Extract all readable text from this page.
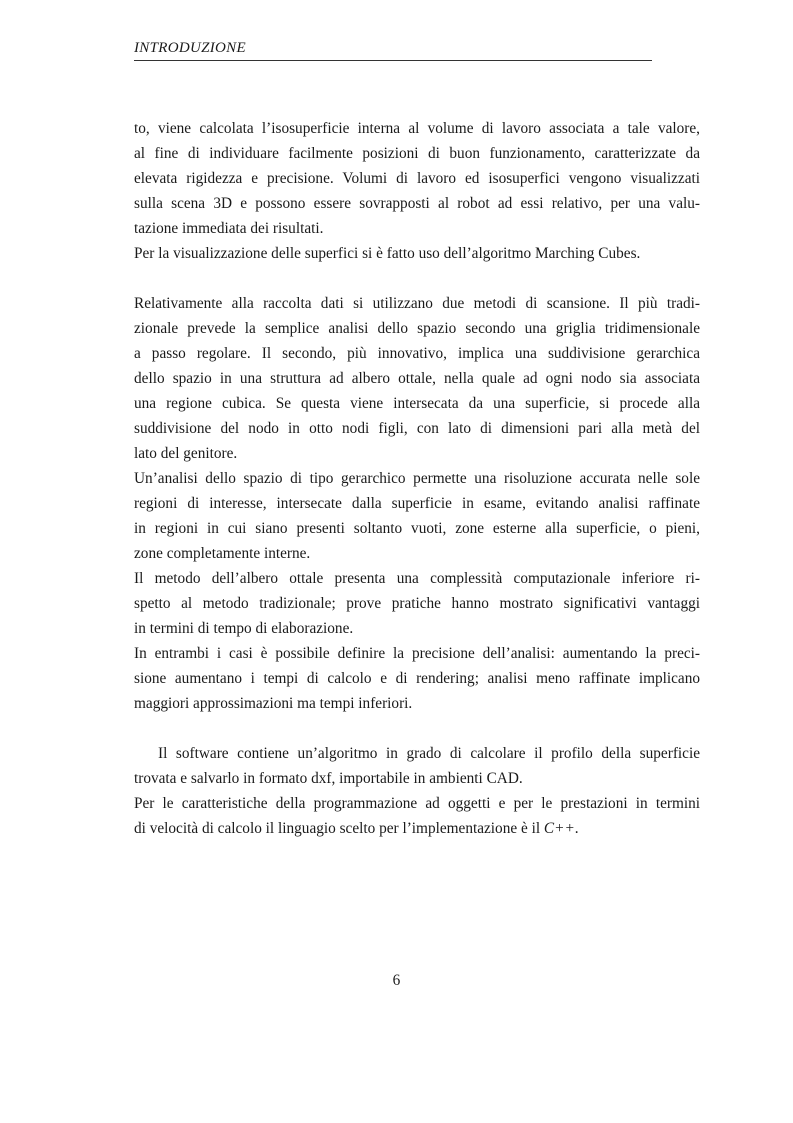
INTRODUZIONE
to, viene calcolata l’isosuperficie interna al volume di lavoro associata a tale valore,
al fine di individuare facilmente posizioni di buon funzionamento, caratterizzate da
elevata rigidezza e precisione. Volumi di lavoro ed isosuperfici vengono visualizzati
sulla scena 3D e possono essere sovrapposti al robot ad essi relativo, per una valu-
tazione immediata dei risultati.
Per la visualizzazione delle superfici si è fatto uso dell’algoritmo Marching Cubes.
Relativamente alla raccolta dati si utilizzano due metodi di scansione. Il più tradi-
zionale prevede la semplice analisi dello spazio secondo una griglia tridimensionale
a passo regolare. Il secondo, più innovativo, implica una suddivisione gerarchica
dello spazio in una struttura ad albero ottale, nella quale ad ogni nodo sia associata
una regione cubica. Se questa viene intersecata da una superficie, si procede alla
suddivisione del nodo in otto nodi figli, con lato di dimensioni pari alla metà del
lato del genitore.
Un’analisi dello spazio di tipo gerarchico permette una risoluzione accurata nelle sole
regioni di interesse, intersecate dalla superficie in esame, evitando analisi raffinate
in regioni in cui siano presenti soltanto vuoti, zone esterne alla superficie, o pieni,
zone completamente interne.
Il metodo dell’albero ottale presenta una complessità computazionale inferiore ri-
spetto al metodo tradizionale; prove pratiche hanno mostrato significativi vantaggi
in termini di tempo di elaborazione.
In entrambi i casi è possibile definire la precisione dell’analisi: aumentando la preci-
sione aumentano i tempi di calcolo e di rendering; analisi meno raffinate implicano
maggiori approssimazioni ma tempi inferiori.
Il software contiene un’algoritmo in grado di calcolare il profilo della superficie
trovata e salvarlo in formato dxf, importabile in ambienti CAD.
Per le caratteristiche della programmazione ad oggetti e per le prestazioni in termini
di velocità di calcolo il linguagio scelto per l’implementazione è il C++.
6
